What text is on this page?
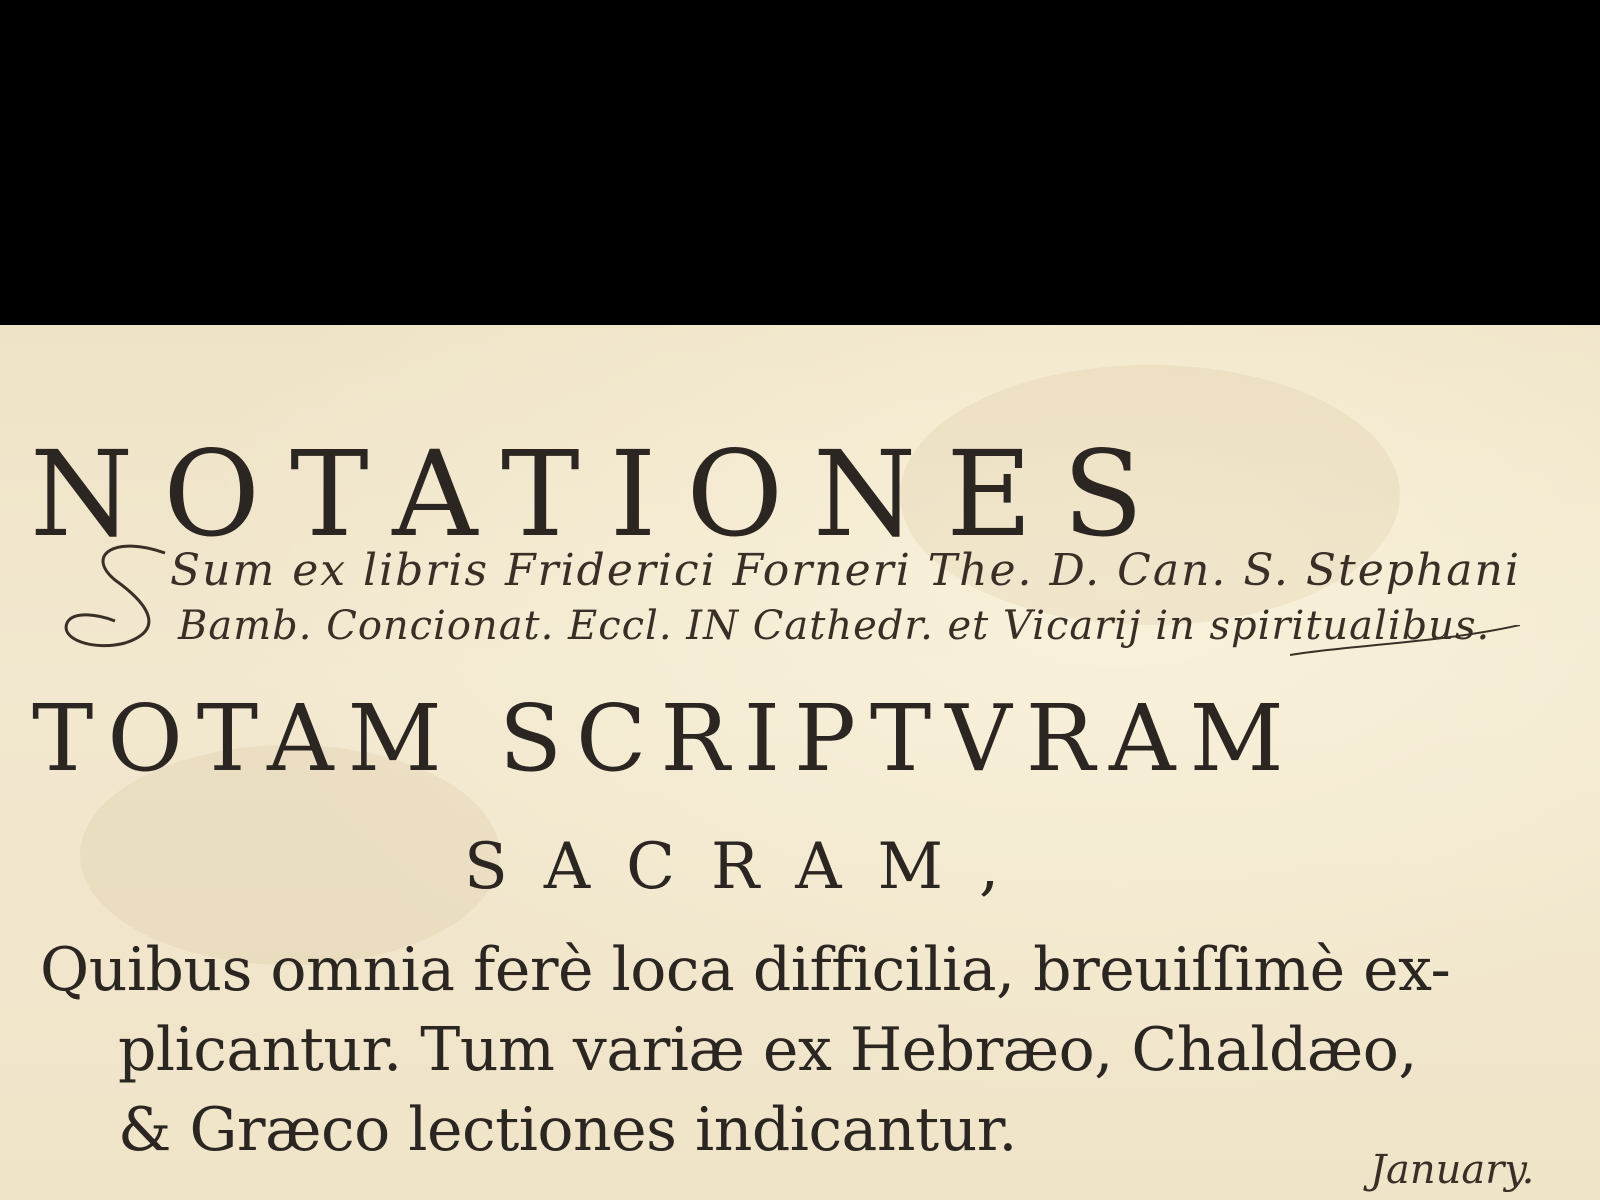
NOTATIONES
Sum ex libris Friderici Forneri The. D. Can. S. Stephani
Bamb. Concionat. Eccl. IN Cathedr. et Vicarij in spiritualibus.
TOTAM SCRIPTVRAM
SACRAM,
Quibus omnia ferè loca difficilia, breuiſſimè ex-
plicantur. Tum variæ ex Hebræo, Chaldæo,
& Græco lectiones indicantur.
January.
